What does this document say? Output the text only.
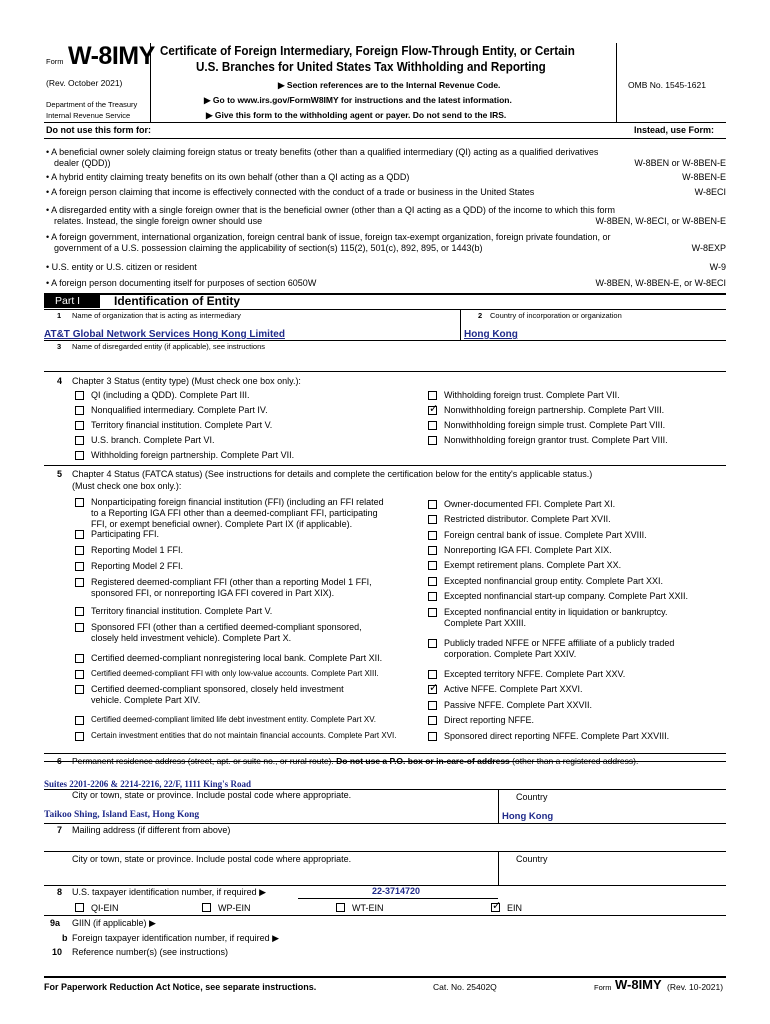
Form W-8IMY
(Rev. October 2021)
Department of the Treasury
Internal Revenue Service
Certificate of Foreign Intermediary, Foreign Flow-Through Entity, or Certain
U.S. Branches for United States Tax Withholding and Reporting
▶ Section references are to the Internal Revenue Code.
▶ Go to www.irs.gov/FormW8IMY for instructions and the latest information.
▶ Give this form to the withholding agent or payer. Do not send to the IRS.
OMB No. 1545-1621
Do not use this form for:	Instead, use Form:
• A beneficial owner solely claiming foreign status or treaty benefits (other than a qualified intermediary (QI) acting as a qualified derivatives
dealer (QDD))	W-8BEN or W-8BEN-E
• A hybrid entity claiming treaty benefits on its own behalf (other than a QI acting as a QDD)	W-8BEN-E
• A foreign person claiming that income is effectively connected with the conduct of a trade or business in the United States	W-8ECI
• A disregarded entity with a single foreign owner that is the beneficial owner (other than a QI acting as a QDD) of the income to which this form
relates. Instead, the single foreign owner should use	W-8BEN, W-8ECI, or W-8BEN-E
• A foreign government, international organization, foreign central bank of issue, foreign tax-exempt organization, foreign private foundation, or
government of a U.S. possession claiming the applicability of section(s) 115(2), 501(c), 892, 895, or 1443(b)	W-8EXP
• U.S. entity or U.S. citizen or resident	W-9
• A foreign person documenting itself for purposes of section 6050W	W-8BEN, W-8BEN-E, or W-8ECI
Part I	Identification of Entity
1 Name of organization that is acting as intermediary	2 Country of incorporation or organization
AT&T Global Network Services Hong Kong Limited	Hong Kong
3 Name of disregarded entity (if applicable), see instructions
4 Chapter 3 Status (entity type) (Must check one box only.):
QI (including a QDD). Complete Part III.
Nonqualified intermediary. Complete Part IV.
Territory financial institution. Complete Part V.
U.S. branch. Complete Part VI.
Withholding foreign partnership. Complete Part VII.
Withholding foreign trust. Complete Part VII.
✓ Nonwithholding foreign partnership. Complete Part VIII.
Nonwithholding foreign simple trust. Complete Part VIII.
Nonwithholding foreign grantor trust. Complete Part VIII.
5 Chapter 4 Status (FATCA status) (See instructions for details and complete the certification below for the entity's applicable status.)
(Must check one box only.):
Nonparticipating foreign financial institution (FFI) (including an FFI related
to a Reporting IGA FFI other than a deemed-compliant FFI, participating
FFI, or exempt beneficial owner). Complete Part IX (if applicable).
Participating FFI.
Reporting Model 1 FFI.
Reporting Model 2 FFI.
Registered deemed-compliant FFI (other than a reporting Model 1 FFI,
sponsored FFI, or nonreporting IGA FFI covered in Part XIX).
Territory financial institution. Complete Part V.
Sponsored FFI (other than a certified deemed-compliant sponsored,
closely held investment vehicle). Complete Part X.
Certified deemed-compliant nonregistering local bank. Complete Part XII.
Certified deemed-compliant FFI with only low-value accounts. Complete Part XIII.
Certified deemed-compliant sponsored, closely held investment
vehicle. Complete Part XIV.
Certified deemed-compliant limited life debt investment entity. Complete Part XV.
Certain investment entities that do not maintain financial accounts. Complete Part XVI.
Owner-documented FFI. Complete Part XI.
Restricted distributor. Complete Part XVII.
Foreign central bank of issue. Complete Part XVIII.
Nonreporting IGA FFI. Complete Part XIX.
Exempt retirement plans. Complete Part XX.
Excepted nonfinancial group entity. Complete Part XXI.
Excepted nonfinancial start-up company. Complete Part XXII.
Excepted nonfinancial entity in liquidation or bankruptcy.
Complete Part XXIII.
Publicly traded NFFE or NFFE affiliate of a publicly traded
corporation. Complete Part XXIV.
Excepted territory NFFE. Complete Part XXV.
✓ Active NFFE. Complete Part XXVI.
Passive NFFE. Complete Part XXVII.
Direct reporting NFFE.
Sponsored direct reporting NFFE. Complete Part XXVIII.
6 Permanent residence address (street, apt. or suite no., or rural route). Do not use a P.O. box or in-care-of address (other than a registered address).
Suites 2201-2206 & 2214-2216, 22/F, 1111 King's Road
City or town, state or province. Include postal code where appropriate.	Country
Taikoo Shing, Island East, Hong Kong	Hong Kong
7 Mailing address (if different from above)
City or town, state or province. Include postal code where appropriate.	Country
8 U.S. taxpayer identification number, if required ▶	22-3714720
QI-EIN	WP-EIN	WT-EIN	✓ EIN
9a GIIN (if applicable) ▶
b Foreign taxpayer identification number, if required ▶
10 Reference number(s) (see instructions)
For Paperwork Reduction Act Notice, see separate instructions.	Cat. No. 25402Q	Form W-8IMY (Rev. 10-2021)
